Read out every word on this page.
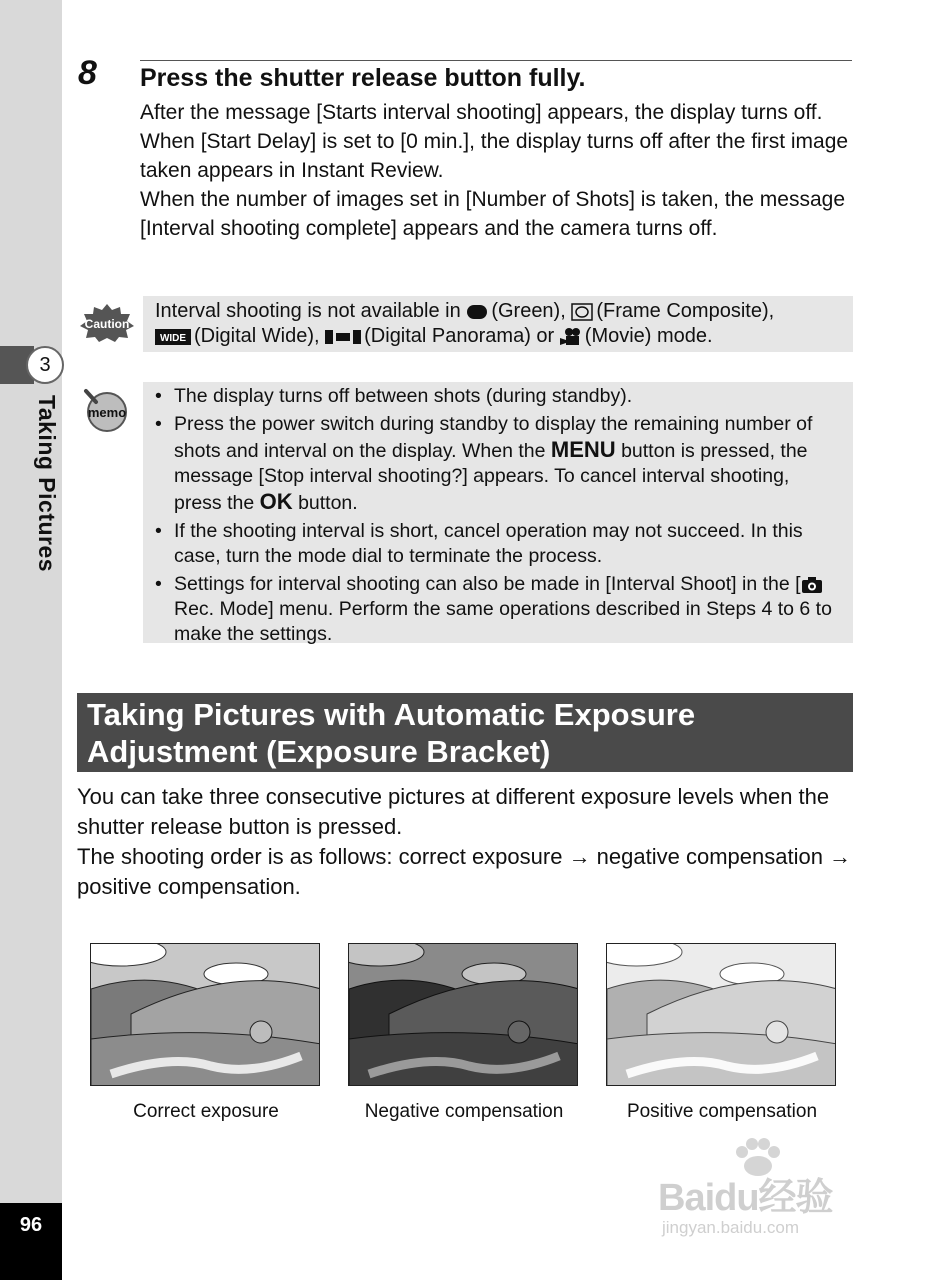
3
Taking Pictures
96
8 Press the shutter release button fully.

After the message [Starts interval shooting] appears, the display turns off. When [Start Delay] is set to [0 min.], the display turns off after the first image taken appears in Instant Review.

When the number of images set in [Number of Shots] is taken, the message [Interval shooting complete] appears and the camera turns off.

Caution
Interval shooting is not available in (Green), (Frame Composite),

WIDE (Digital Wide), (Digital Panorama) or (Movie) mode.
memo
• The display turns off between shots (during standby).
• Press the power switch during standby to display the remaining number of shots and interval on the display. When the MENU button is pressed, the message [Stop interval shooting?] appears. To cancel interval shooting, press the OK button.
• If the shooting interval is short, cancel operation may not succeed. In this case, turn the mode dial to terminate the process.
• Settings for interval shooting can also be made in [Interval Shoot] in the [ Rec. Mode] menu. Perform the same operations described in Steps 4 to 6 to make the settings.
Taking Pictures with Automatic Exposure
Adjustment (Exposure Bracket)

You can take three consecutive pictures at different exposure levels when the shutter release button is pressed.

The shooting order is as follows: correct exposure → negative compensation → positive compensation.

Correct exposure	Negative compensation	Positive compensation
Baidu经验
jingyan.baidu.com
